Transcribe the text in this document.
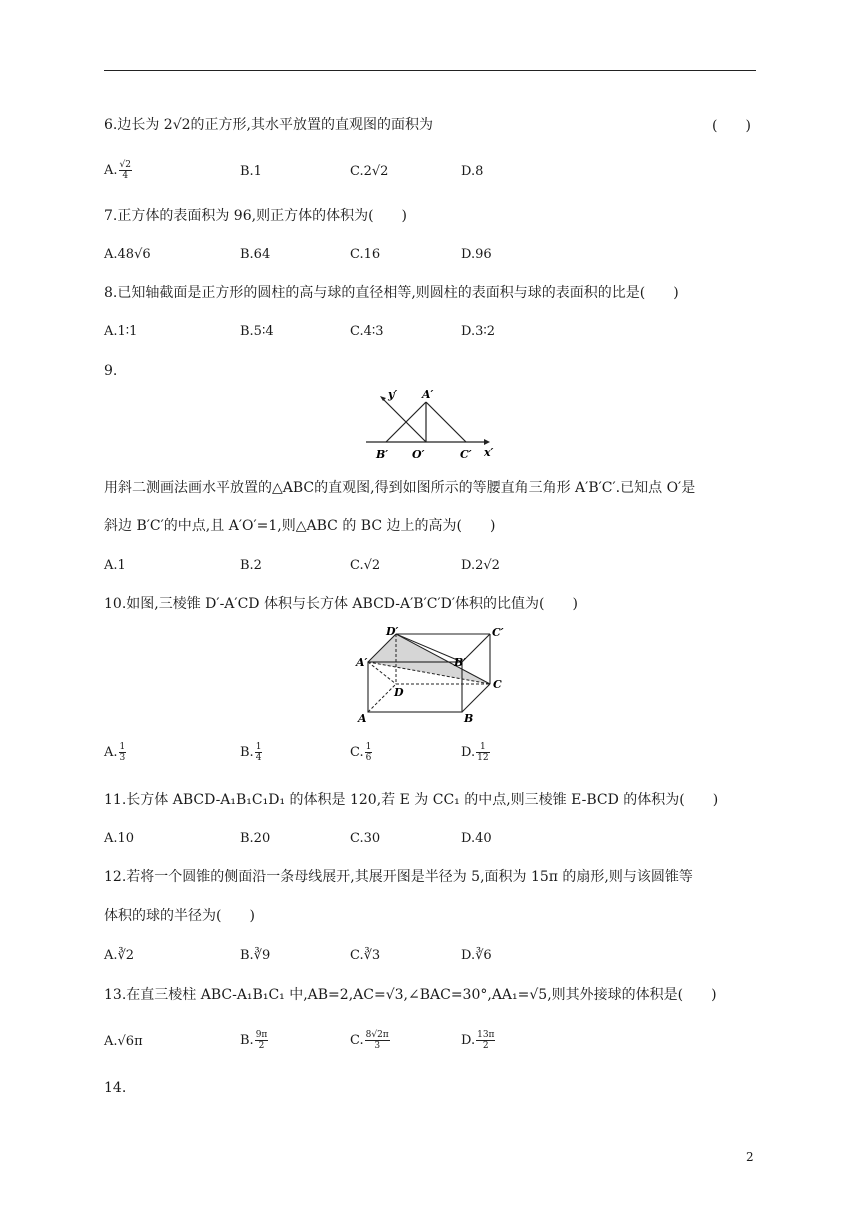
6.边长为 2√2的正方形,其水平放置的直观图的面积为	(　　)
A. $\frac{√2}{4}$	B.1	C.2√2	D.8
7.正方体的表面积为 96,则正方体的体积为(　　)
A.48√6	B.64	C.16	D.96
8.已知轴截面是正方形的圆柱的高与球的直径相等,则圆柱的表面积与球的表面积的比是(　　)
A.1∶1	B.5∶4	C.4∶3	D.3∶2
9.
y′ A′
B′ O′	C′ x′
用斜二测画法画水平放置的△ABC的直观图,得到如图所示的等腰直角三角形 A′B′C′.已知点 O′是
斜边 B′C′的中点,且 A′O′=1,则△ABC 的 BC 边上的高为(　　)
A.1	B.2	C.√2	D.2√2
10.如图,三棱锥 D′-A′CD 体积与长方体 ABCD-A′B′C′D′体积的比值为(　　)
D′	C′
A′	B′
D
C
A	B
A. $\frac{1}{3}$	B. $\frac{1}{4}$	C. $\frac{1}{6}$	D. $\frac{1}{12}$
11.长方体 ABCD-A₁B₁C₁D₁ 的体积是 120,若 E 为 CC₁ 的中点,则三棱锥 E-BCD 的体积为(　　)
A.10	B.20	C.30	D.40
12.若将一个圆锥的侧面沿一条母线展开,其展开图是半径为 5,面积为 15π 的扇形,则与该圆锥等
体积的球的半径为(　　)
A.∛2	B.∛9	C.∛3	D.∛6
13.在直三棱柱 ABC-A₁B₁C₁ 中,AB=2,AC=√3,∠BAC=30°,AA₁=√5,则其外接球的体积是(　　)
A.√6π	B. $\frac{9\pi}{2}$	C. $\frac{8√2\pi}{3}$	D. $\frac{13\pi}{2}$
14.
2
